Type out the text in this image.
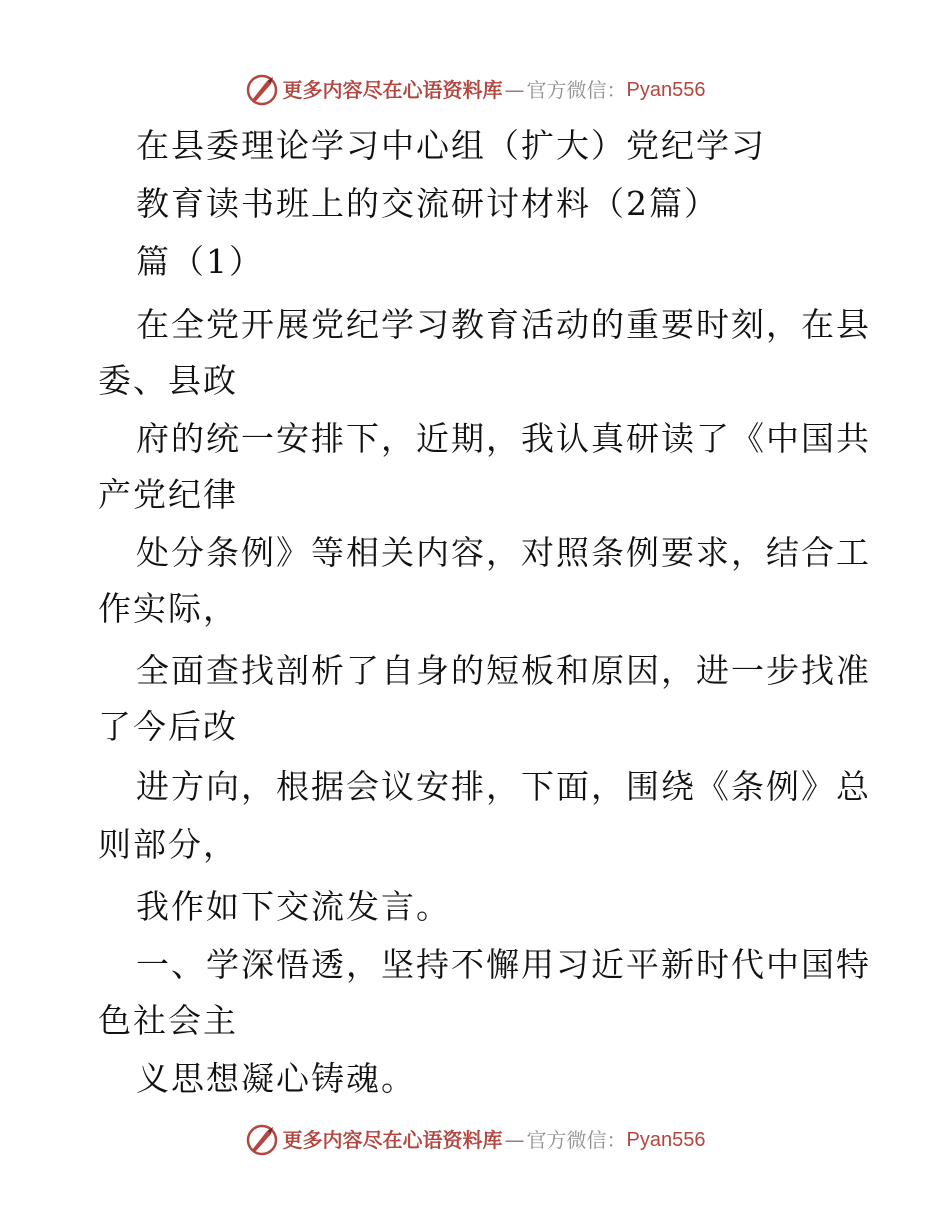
更多内容尽在心语资料库 — 官方微信： Pyan556
在县委理论学习中心组（扩大）党纪学习
教育读书班上的交流研讨材料（2篇）
篇（1）
在全党开展党纪学习教育活动的重要时刻，在县
委、县政
府的统一安排下，近期，我认真研读了《中国共
产党纪律
处分条例》等相关内容，对照条例要求，结合工
作实际，
全面查找剖析了自身的短板和原因，进一步找准
了今后改
进方向，根据会议安排，下面，围绕《条例》总
则部分，
我作如下交流发言。
一、学深悟透，坚持不懈用习近平新时代中国特
色社会主
义思想凝心铸魂。
更多内容尽在心语资料库 — 官方微信： Pyan556
